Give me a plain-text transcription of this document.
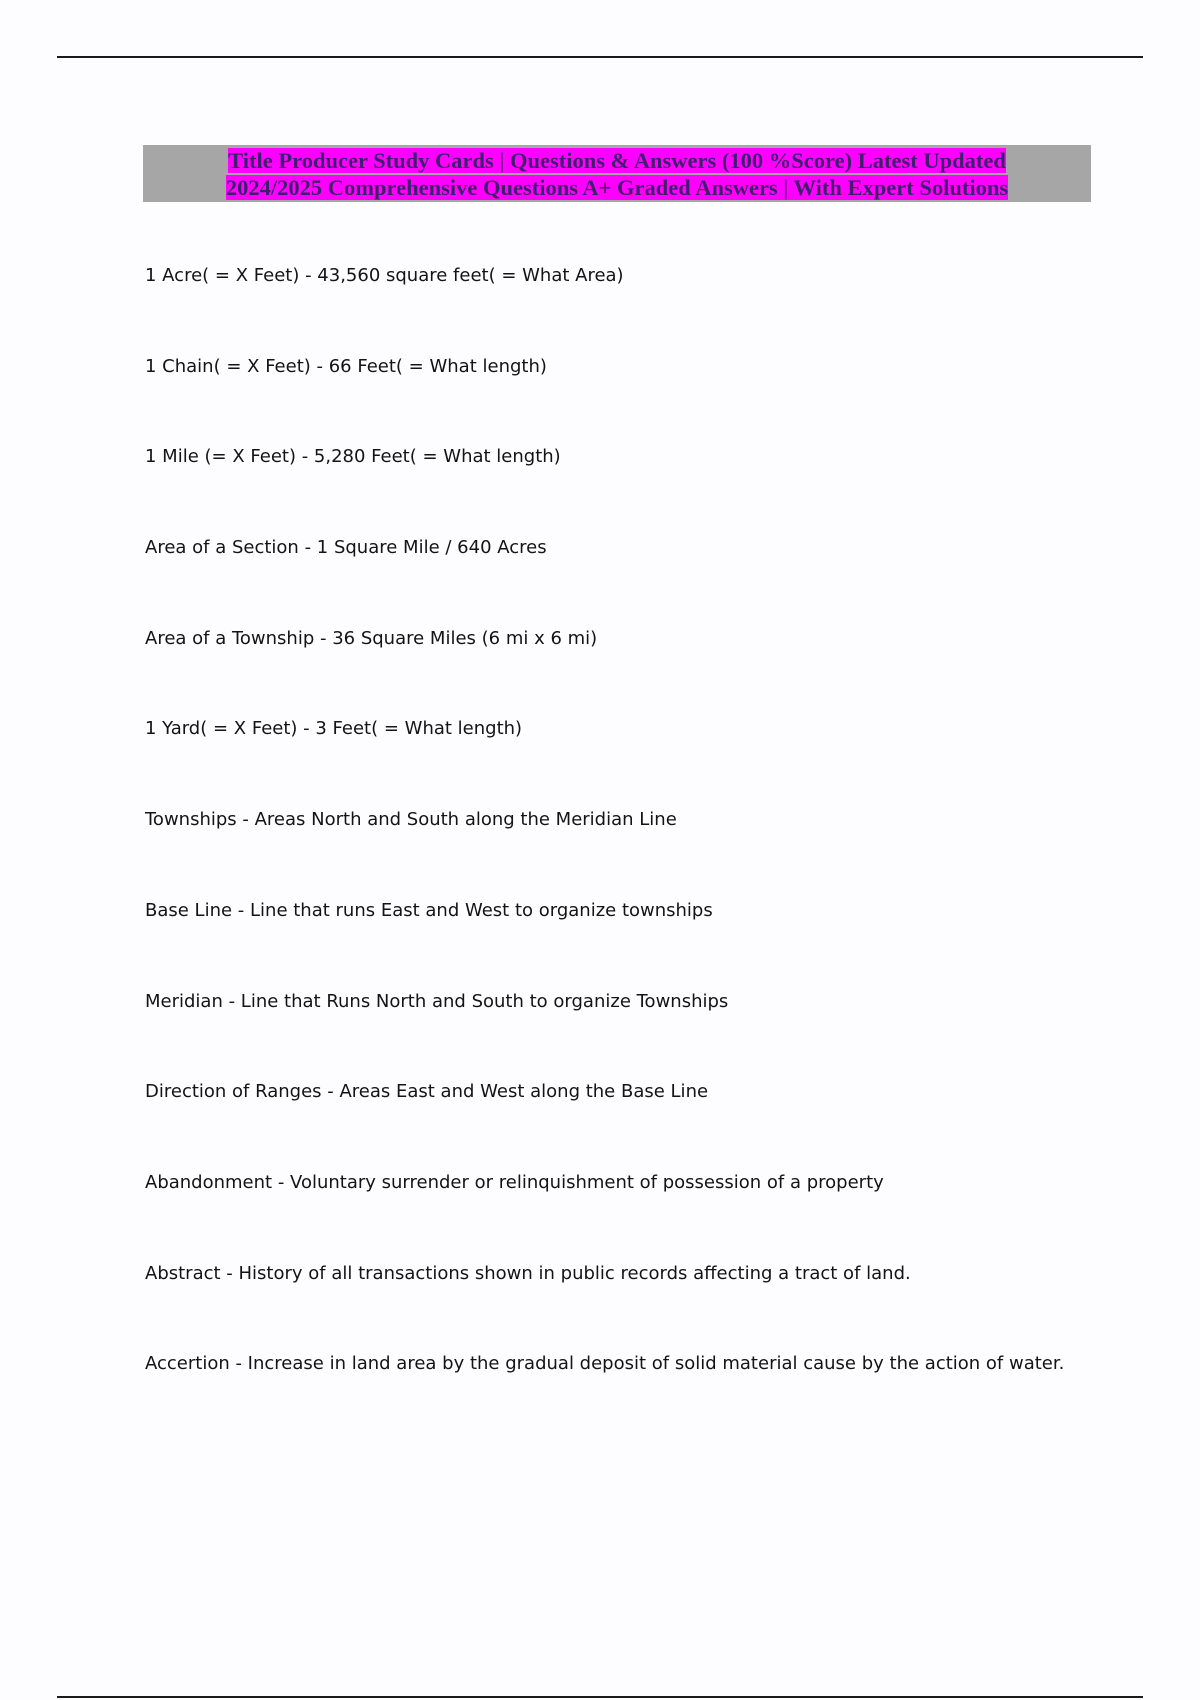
Title Producer Study Cards | Questions & Answers (100 %Score) Latest Updated
2024/2025 Comprehensive Questions A+ Graded Answers | With Expert Solutions
1 Acre( = X Feet) - 43,560 square feet( = What Area)
1 Chain( = X Feet) - 66 Feet( = What length)
1 Mile (= X Feet) - 5,280 Feet( = What length)
Area of a Section - 1 Square Mile / 640 Acres
Area of a Township - 36 Square Miles (6 mi x 6 mi)
1 Yard( = X Feet) - 3 Feet( = What length)
Townships - Areas North and South along the Meridian Line
Base Line - Line that runs East and West to organize townships
Meridian - Line that Runs North and South to organize Townships
Direction of Ranges - Areas East and West along the Base Line
Abandonment - Voluntary surrender or relinquishment of possession of a property
Abstract - History of all transactions shown in public records affecting a tract of land.
Accertion - Increase in land area by the gradual deposit of solid material cause by the action of water.
